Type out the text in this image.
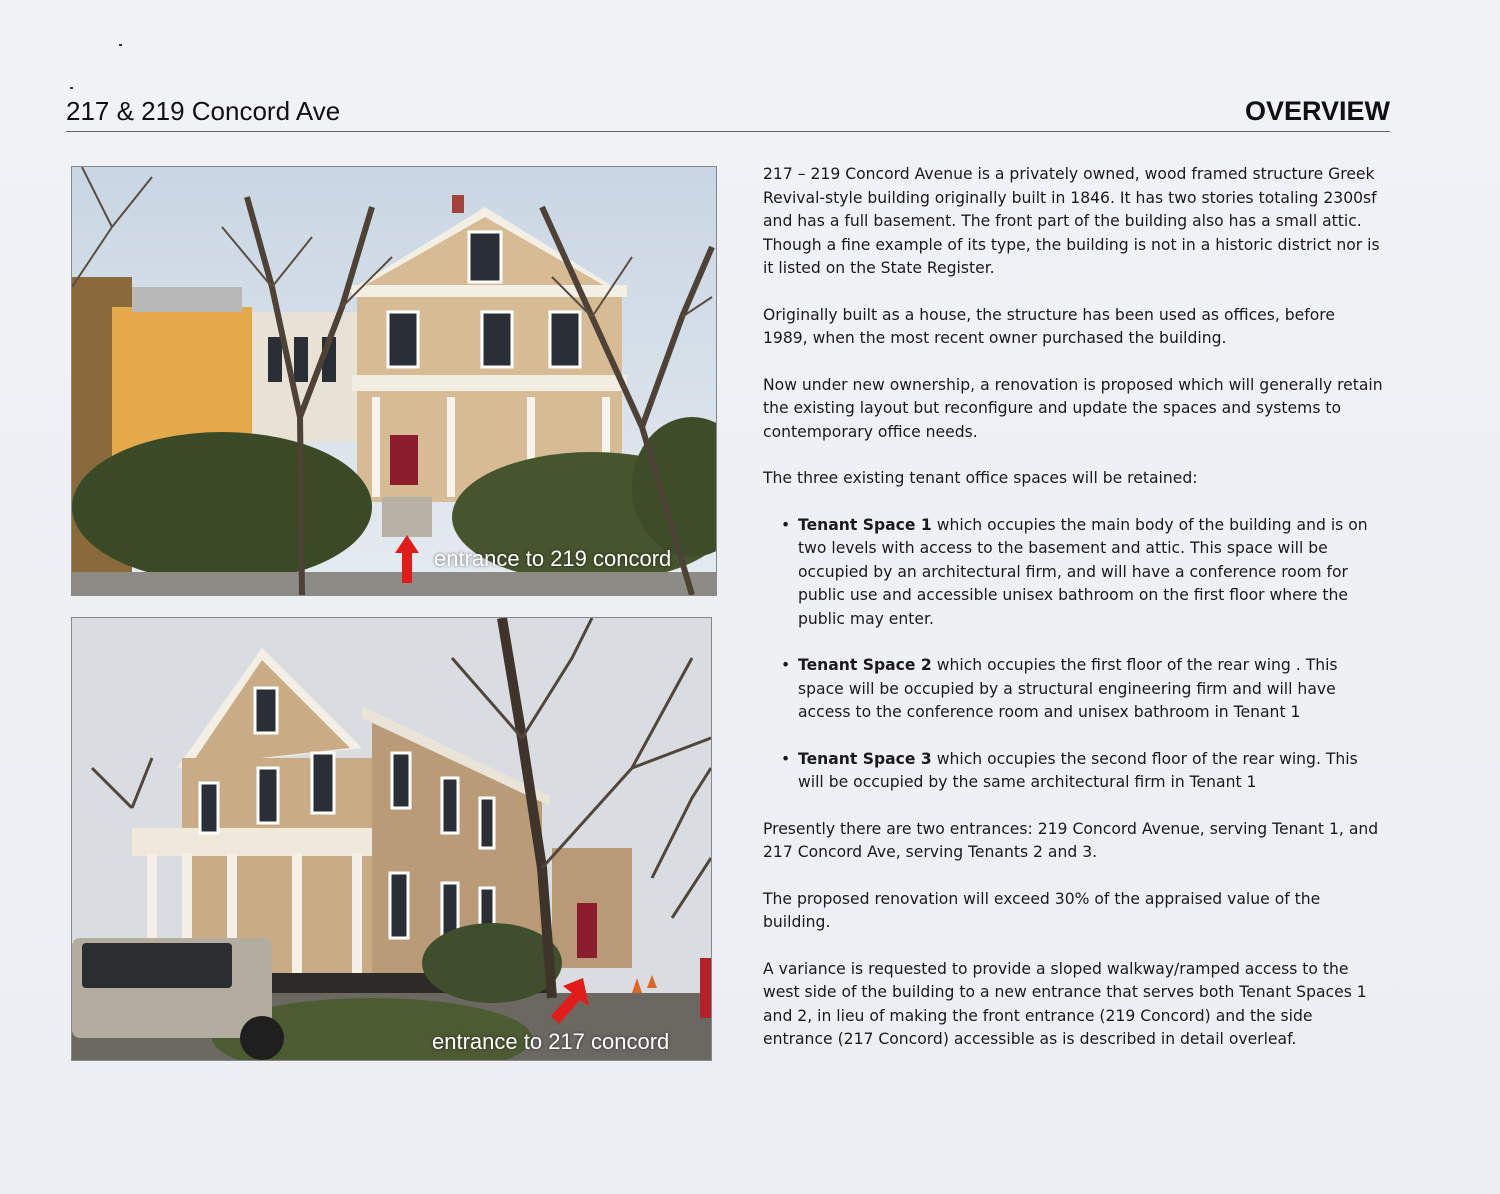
217 & 219 Concord Ave	OVERVIEW
entrance to 219 concord
entrance to 217 concord

217 – 219 Concord Avenue is a privately owned, wood framed structure Greek Revival-style building originally built in 1846. It has two stories totaling 2300sf and has a full basement. The front part of the building also has a small attic. Though a fine example of its type, the building is not in a historic district nor is it listed on the State Register.

Originally built as a house, the structure has been used as offices, before 1989, when the most recent owner purchased the building.

Now under new ownership, a renovation is proposed which will generally retain the existing layout but reconfigure and update the spaces and systems to contemporary office needs.

The three existing tenant office spaces will be retained:

• Tenant Space 1 which occupies the main body of the building and is on two levels with access to the basement and attic. This space will be occupied by an architectural firm, and will have a conference room for public use and accessible unisex bathroom on the first floor where the public may enter.
• Tenant Space 2 which occupies the first floor of the rear wing . This space will be occupied by a structural engineering firm and will have access to the conference room and unisex bathroom in Tenant 1
• Tenant Space 3 which occupies the second floor of the rear wing. This will be occupied by the same architectural firm in Tenant 1

Presently there are two entrances: 219 Concord Avenue, serving Tenant 1, and 217 Concord Ave, serving Tenants 2 and 3.

The proposed renovation will exceed 30% of the appraised value of the building.

A variance is requested to provide a sloped walkway/ramped access to the west side of the building to a new entrance that serves both Tenant Spaces 1 and 2, in lieu of making the front entrance (219 Concord) and the side entrance (217 Concord) accessible as is described in detail overleaf.
